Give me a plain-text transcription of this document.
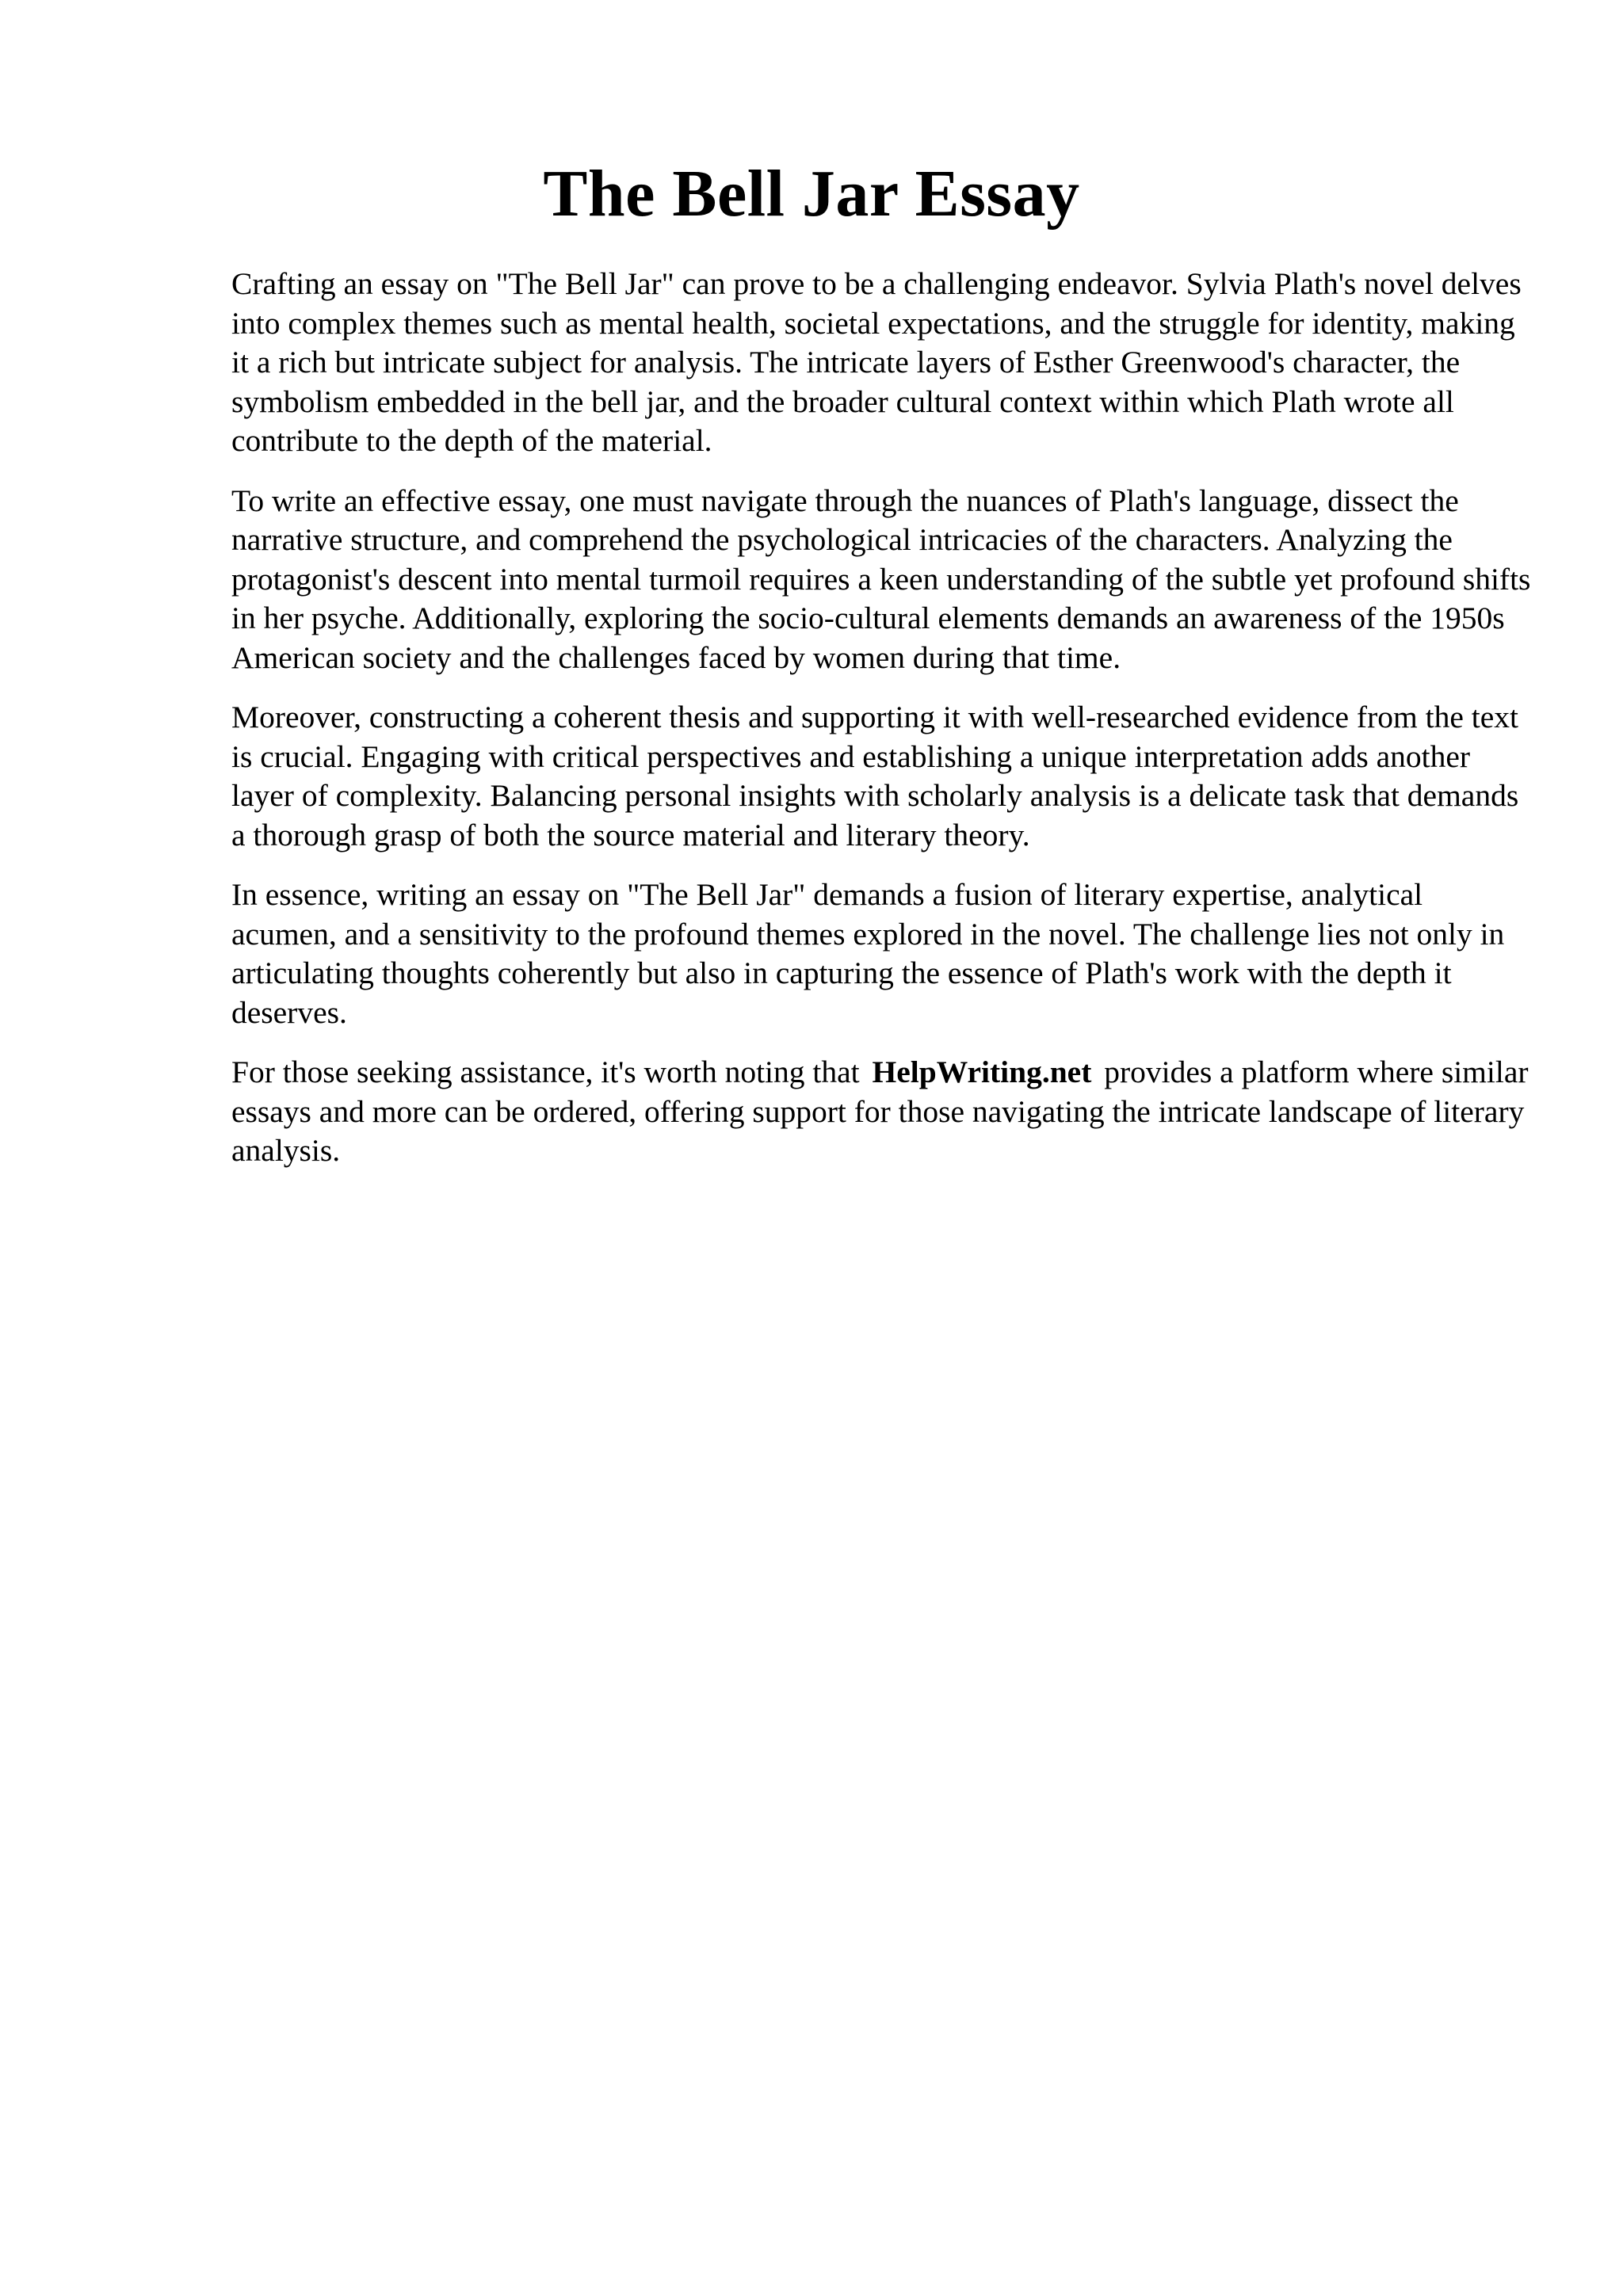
The Bell Jar Essay

Crafting an essay on "The Bell Jar" can prove to be a challenging endeavor. Sylvia Plath's novel delves into complex themes such as mental health, societal expectations, and the struggle for identity, making it a rich but intricate subject for analysis. The intricate layers of Esther Greenwood's character, the symbolism embedded in the bell jar, and the broader cultural context within which Plath wrote all contribute to the depth of the material.

To write an effective essay, one must navigate through the nuances of Plath's language, dissect the narrative structure, and comprehend the psychological intricacies of the characters. Analyzing the protagonist's descent into mental turmoil requires a keen understanding of the subtle yet profound shifts in her psyche. Additionally, exploring the socio-cultural elements demands an awareness of the 1950s American society and the challenges faced by women during that time.

Moreover, constructing a coherent thesis and supporting it with well-researched evidence from the text is crucial. Engaging with critical perspectives and establishing a unique interpretation adds another layer of complexity. Balancing personal insights with scholarly analysis is a delicate task that demands a thorough grasp of both the source material and literary theory.

In essence, writing an essay on "The Bell Jar" demands a fusion of literary expertise, analytical acumen, and a sensitivity to the profound themes explored in the novel. The challenge lies not only in articulating thoughts coherently but also in capturing the essence of Plath's work with the depth it deserves.

For those seeking assistance, it's worth noting that HelpWriting.net provides a platform where similar essays and more can be ordered, offering support for those navigating the intricate landscape of literary analysis.
